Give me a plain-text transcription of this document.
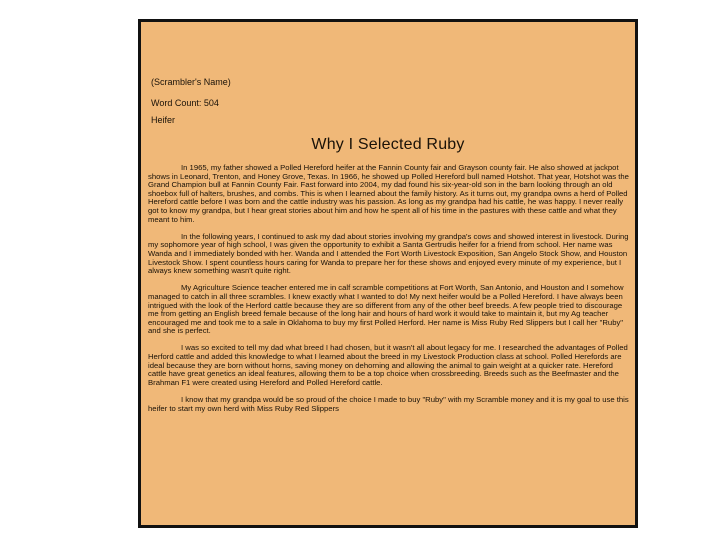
(Scrambler's Name)
Word Count: 504
Heifer
Why I Selected Ruby

In 1965, my father showed a Polled Hereford heifer at the Fannin County fair and Grayson county fair. He also showed at jackpot shows in Leonard, Trenton, and Honey Grove, Texas. In 1966, he showed up Polled Hereford bull named Hotshot. That year, Hotshot was the Grand Champion bull at Fannin County Fair. Fast forward into 2004, my dad found his six-year-old son in the barn looking through an old shoebox full of halters, brushes, and combs. This is when I learned about the family history. As it turns out, my grandpa owns a herd of Polled Hereford cattle before I was born and the cattle industry was his passion. As long as my grandpa had his cattle, he was happy. I never really got to know my grandpa, but I hear great stories about him and how he spent all of his time in the pastures with these cattle and what they meant to him.

In the following years, I continued to ask my dad about stories involving my grandpa's cows and showed interest in livestock. During my sophomore year of high school, I was given the opportunity to exhibit a Santa Gertrudis heifer for a friend from school. Her name was Wanda and I immediately bonded with her. Wanda and I attended the Fort Worth Livestock Exposition, San Angelo Stock Show, and Houston Livestock Show. I spent countless hours caring for Wanda to prepare her for these shows and enjoyed every minute of my experience, but I always knew something wasn't quite right.

My Agriculture Science teacher entered me in calf scramble competitions at Fort Worth, San Antonio, and Houston and I somehow managed to catch in all three scrambles. I knew exactly what I wanted to do! My next heifer would be a Polled Hereford. I have always been intrigued with the look of the Herford cattle because they are so different from any of the other beef breeds. A few people tried to discourage me from getting an English breed female because of the long hair and hours of hard work it would take to maintain it, but my Ag teacher encouraged me and took me to a sale in Oklahoma to buy my first Polled Herford. Her name is Miss Ruby Red Slippers but I call her "Ruby" and she is perfect.

I was so excited to tell my dad what breed I had chosen, but it wasn't all about legacy for me. I researched the advantages of Polled Herford cattle and added this knowledge to what I learned about the breed in my Livestock Production class at school. Polled Herefords are ideal because they are born without horns, saving money on dehorning and allowing the animal to gain weight at a quicker rate. Hereford cattle have great genetics an ideal features, allowing them to be a top choice when crossbreeding. Breeds such as the Beefmaster and the Brahman F1 were created using Hereford and Polled Hereford cattle.

I know that my grandpa would be so proud of the choice I made to buy "Ruby" with my Scramble money and it is my goal to use this heifer to start my own herd with Miss Ruby Red Slippers
